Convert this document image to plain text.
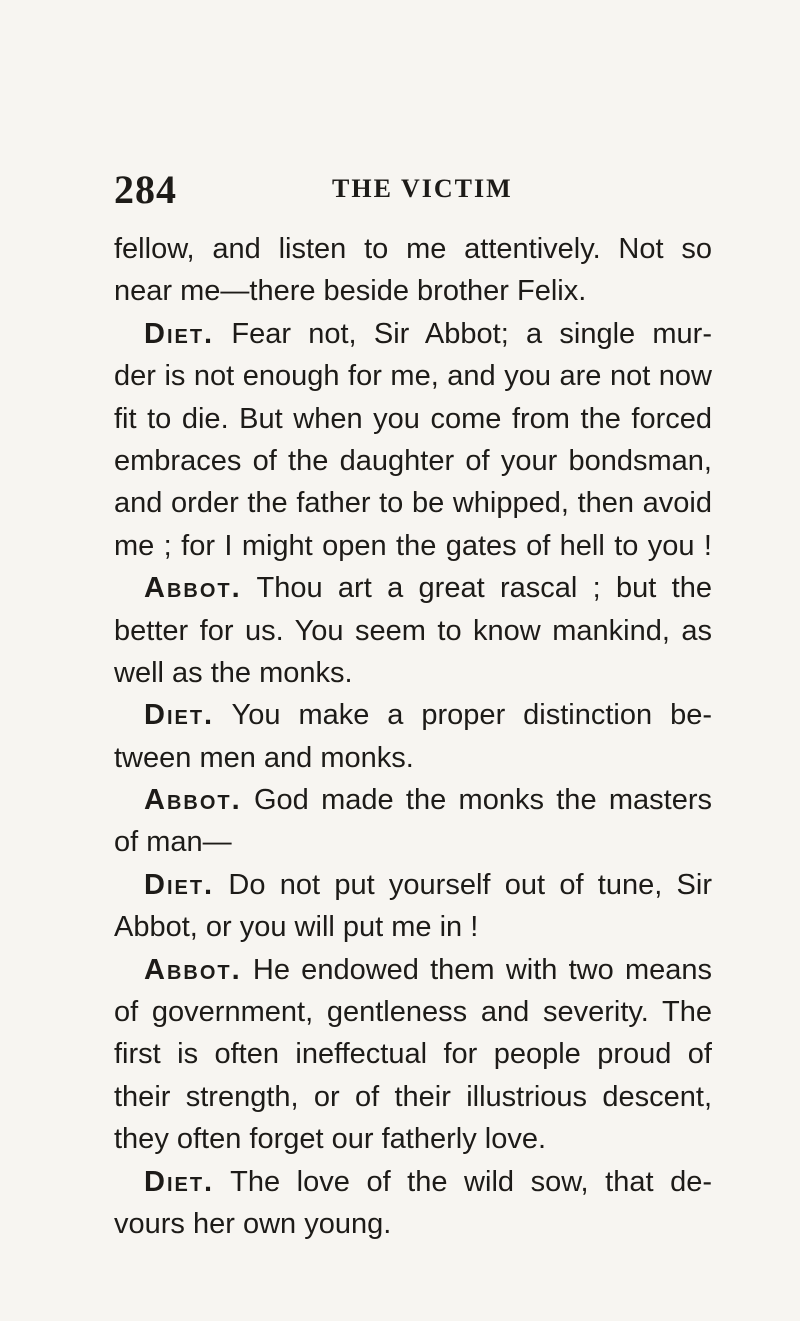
284	THE VICTIM
fellow, and listen to me attentively. Not so
near me—there beside brother Felix.
Diet. Fear not, Sir Abbot; a single mur-
der is not enough for me, and you are not now
fit to die. But when you come from the forced
embraces of the daughter of your bondsman,
and order the father to be whipped, then avoid
me ; for I might open the gates of hell to you !
Abbot. Thou art a great rascal ; but the
better for us. You seem to know mankind, as
well as the monks.
Diet. You make a proper distinction be-
tween men and monks.
Abbot. God made the monks the masters
of man—
Diet. Do not put yourself out of tune, Sir
Abbot, or you will put me in !
Abbot. He endowed them with two means
of government, gentleness and severity. The
first is often ineffectual for people proud of
their strength, or of their illustrious descent,
they often forget our fatherly love.
Diet. The love of the wild sow, that de-
vours her own young.
